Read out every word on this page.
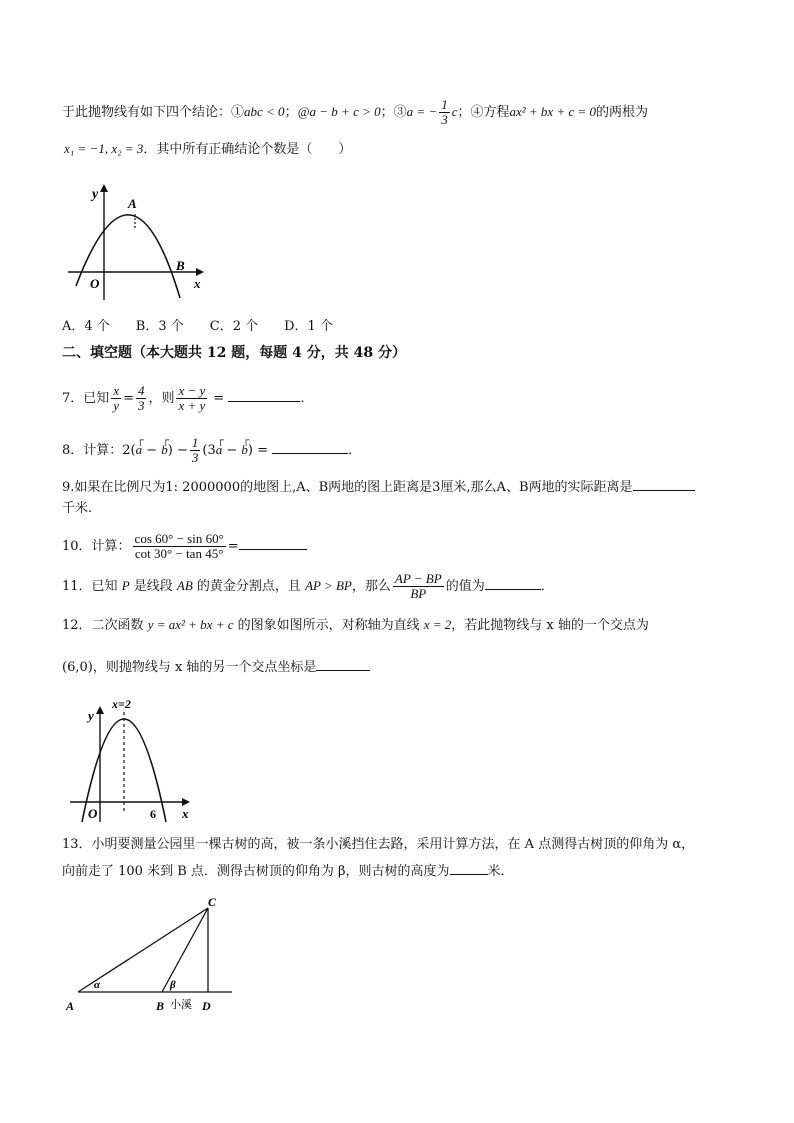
于此抛物线有如下四个结论：①abc < 0；@a − b + c > 0；③a = − $\frac{1}{3}$ c；④方程ax² + bx + c = 0的两根为
x₁ = −1, x₂ = 3．其中所有正确结论个数是（　　）
y
A
O
B
x
A．4 个　　B．3 个　　C．2 个　　D．1 个
二、填空题（本大题共 12 题，每题 4 分，共 48 分）
7．已知 $\frac{x}{y} = \frac{4}{3}$ ，则 $\frac{x - y}{x + y}$ =	．
8．计算：2(a
┌
− b
┌
) − $\frac{1}{3} (3a$
┌
− b
┌
) =	．
9.如果在比例尺为1: 2000000的地图上,A、B两地的图上距离是3厘米,那么A、B两地的实际距离是
千米.
10．计算： $\frac{\cos 60^\circ - \sin 60^\circ}{\cot 30^\circ - \tan 45^\circ}$ =
11．已知 P 是线段 AB 的黄金分割点，且 AP > BP，那么 $\frac{AP - BP}{BP}$ 的值为	．
12．二次函数 y = ax² + bx + c 的图象如图所示，对称轴为直线 x = 2，若此抛物线与 x 轴的一个交点为
(6,0)，则抛物线与 x 轴的另一个交点坐标是
x=2
y
O	6 x
13．小明要测量公园里一棵古树的高，被一条小溪挡住去路，采用计算方法，在 A 点测得古树顶的仰角为 α，
向前走了 100 米到 B 点．测得古树顶的仰角为 β，则古树的高度为	米．
C
A
α	β
B 小溪 D
